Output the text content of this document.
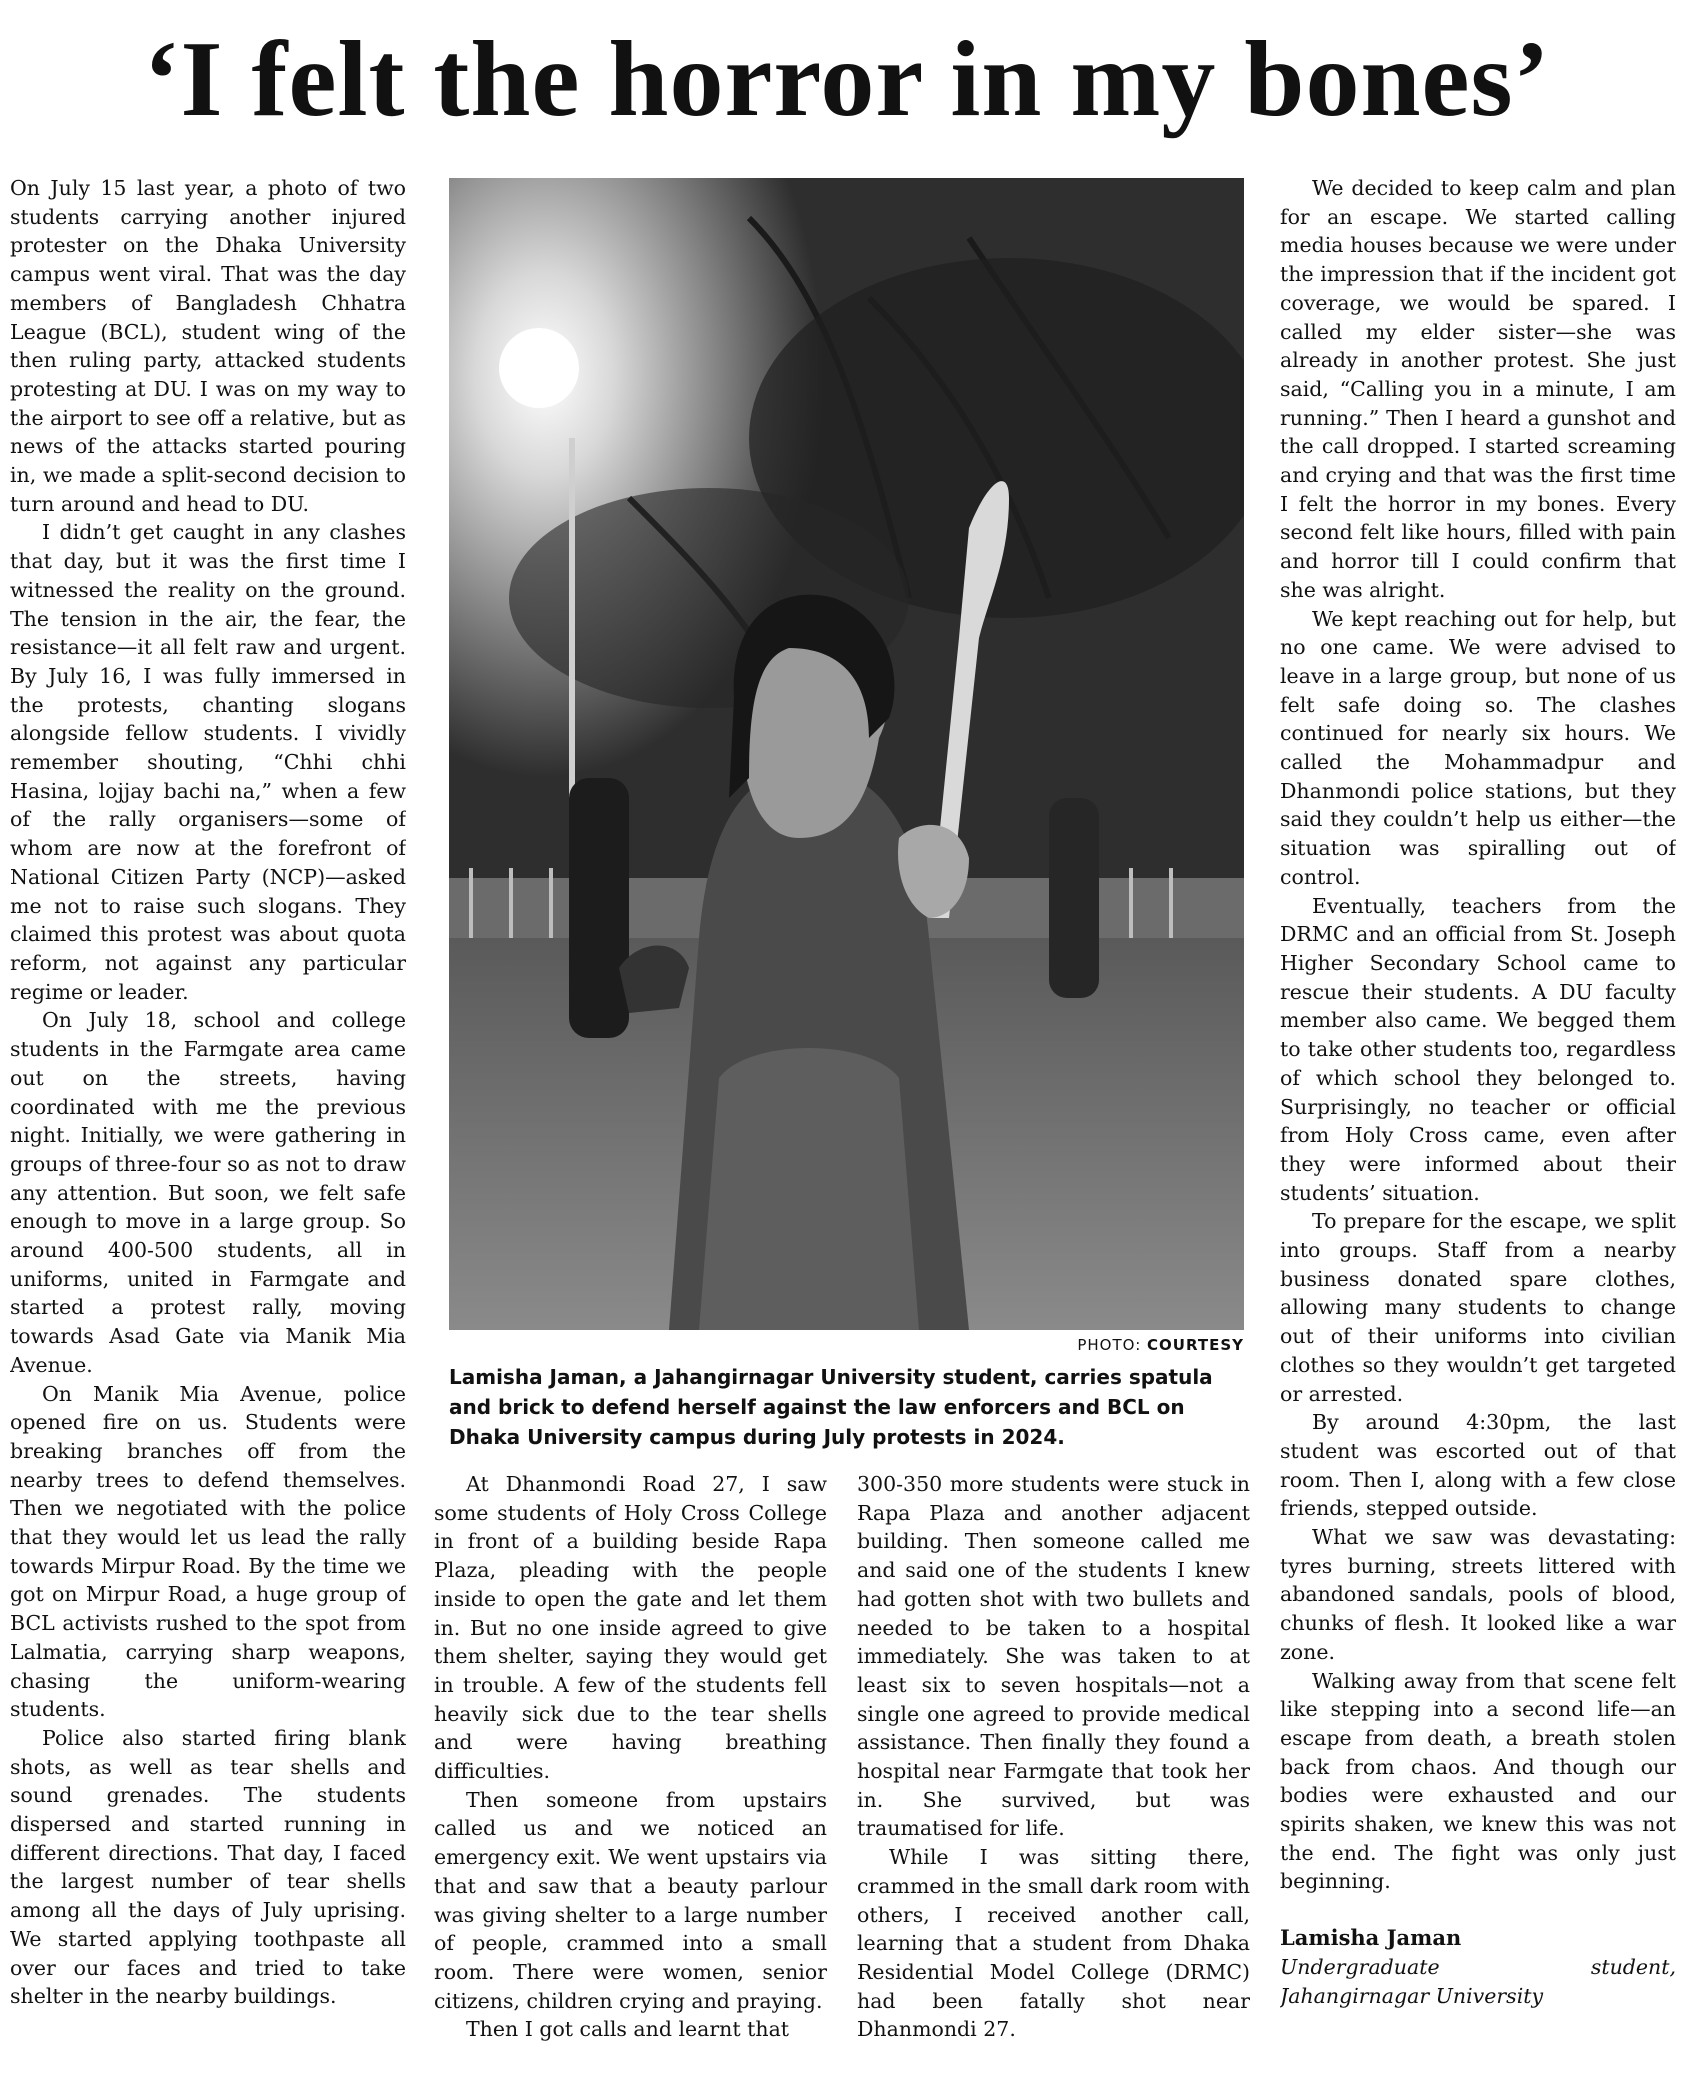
‘I felt the horror in my bones’

On July 15 last year, a photo of two students carrying another injured protester on the Dhaka University campus went viral. That was the day members of Bangladesh Chhatra League (BCL), student wing of the then ruling party, attacked students protesting at DU. I was on my way to the airport to see off a relative, but as news of the attacks started pouring in, we made a split-second decision to turn around and head to DU.

I didn’t get caught in any clashes that day, but it was the first time I witnessed the reality on the ground. The tension in the air, the fear, the resistance—it all felt raw and urgent. By July 16, I was fully immersed in the protests, chanting slogans alongside fellow students. I vividly remember shouting, “Chhi chhi Hasina, lojjay bachi na,” when a few of the rally organisers—some of whom are now at the forefront of National Citizen Party (NCP)—asked me not to raise such slogans. They claimed this protest was about quota reform, not against any particular regime or leader.

On July 18, school and college students in the Farmgate area came out on the streets, having coordinated with me the previous night. Initially, we were gathering in groups of three-four so as not to draw any attention. But soon, we felt safe enough to move in a large group. So around 400-500 students, all in uniforms, united in Farmgate and started a protest rally, moving towards Asad Gate via Manik Mia Avenue.

On Manik Mia Avenue, police opened fire on us. Students were breaking branches off from the nearby trees to defend themselves. Then we negotiated with the police that they would let us lead the rally towards Mirpur Road. By the time we got on Mirpur Road, a huge group of BCL activists rushed to the spot from Lalmatia, carrying sharp weapons, chasing the uniform-wearing students.

Police also started firing blank shots, as well as tear shells and sound grenades. The students dispersed and started running in different directions. That day, I faced the largest number of tear shells among all the days of July uprising. We started applying toothpaste all over our faces and tried to take shelter in the nearby buildings.

PHOTO: COURTESY
Lamisha Jaman, a Jahangirnagar University student, carries spatula and brick to defend herself against the law enforcers and BCL on Dhaka University campus during July protests in 2024.

At Dhanmondi Road 27, I saw some students of Holy Cross College in front of a building beside Rapa Plaza, pleading with the people inside to open the gate and let them in. But no one inside agreed to give them shelter, saying they would get in trouble. A few of the students fell heavily sick due to the tear shells and were having breathing difficulties.

Then someone from upstairs called us and we noticed an emergency exit. We went upstairs via that and saw that a beauty parlour was giving shelter to a large number of people, crammed into a small room. There were women, senior citizens, children crying and praying.

Then I got calls and learnt that

300-350 more students were stuck in Rapa Plaza and another adjacent building. Then someone called me and said one of the students I knew had gotten shot with two bullets and needed to be taken to a hospital immediately. She was taken to at least six to seven hospitals—not a single one agreed to provide medical assistance. Then finally they found a hospital near Farmgate that took her in. She survived, but was traumatised for life.

While I was sitting there, crammed in the small dark room with others, I received another call, learning that a student from Dhaka Residential Model College (DRMC) had been fatally shot near Dhanmondi 27.

We decided to keep calm and plan for an escape. We started calling media houses because we were under the impression that if the incident got coverage, we would be spared. I called my elder sister—she was already in another protest. She just said, “Calling you in a minute, I am running.” Then I heard a gunshot and the call dropped. I started screaming and crying and that was the first time I felt the horror in my bones. Every second felt like hours, filled with pain and horror till I could confirm that she was alright.

We kept reaching out for help, but no one came. We were advised to leave in a large group, but none of us felt safe doing so. The clashes continued for nearly six hours. We called the Mohammadpur and Dhanmondi police stations, but they said they couldn’t help us either—the situation was spiralling out of control.

Eventually, teachers from the DRMC and an official from St. Joseph Higher Secondary School came to rescue their students. A DU faculty member also came. We begged them to take other students too, regardless of which school they belonged to. Surprisingly, no teacher or official from Holy Cross came, even after they were informed about their students’ situation.

To prepare for the escape, we split into groups. Staff from a nearby business donated spare clothes, allowing many students to change out of their uniforms into civilian clothes so they wouldn’t get targeted or arrested.

By around 4:30pm, the last student was escorted out of that room. Then I, along with a few close friends, stepped outside.

What we saw was devastating: tyres burning, streets littered with abandoned sandals, pools of blood, chunks of flesh. It looked like a war zone.

Walking away from that scene felt like stepping into a second life—an escape from death, a breath stolen back from chaos. And though our bodies were exhausted and our spirits shaken, we knew this was not the end. The fight was only just beginning.

Lamisha Jaman
Undergraduate student, Jahangirnagar University
